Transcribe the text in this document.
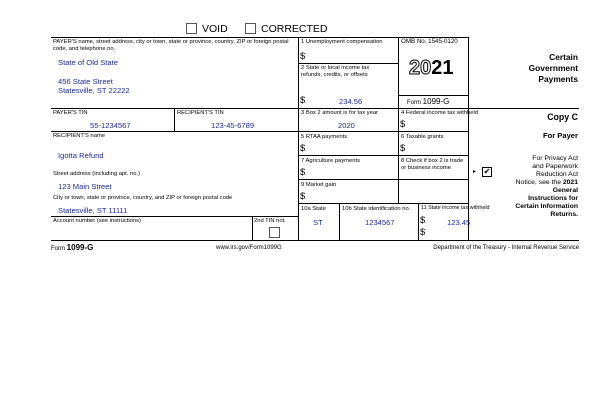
VOID	CORRECTED
PAYER'S name, street address, city or town, state or province, country, ZIP or foreign postal code, and telephone no.
State of Old State
456 State Street
Statesville, ST 22222
PAYER'S TIN
55-1234567
RECIPIENT'S TIN
123-45-6789
RECIPIENT'S name
Igotta Refund
Street address (including apt. no.)
123 Main Street
City or town, state or province, country, and ZIP or foreign postal code
Statesville, ST 11111
Account number (see instructions)	2nd TIN not.
1 Unemployment compensation
$
2 State or local income tax refunds, credits, or offsets
$	234.56
OMB No. 1545-0120
2021
Form 1099-G
3 Box 2 amount is for tax year
2020
4 Federal income tax withheld
$
5 RTAA payments
$
6 Taxable grants
$
7 Agriculture payments
$
8 Check if box 2 is trade or business income
▸ ✔
9 Market gain
$
10a State
ST
10b State identification no.
1234567
11 State income tax withheld
$
$
123.45
Certain
Government
Payments
Copy C
For Payer
For Privacy Act
and Paperwork
Reduction Act
Notice, see the 2021
General
Instructions for
Certain Information
Returns.
Form 1099-G	www.irs.gov/Form1099G	Department of the Treasury - Internal Revenue Service
